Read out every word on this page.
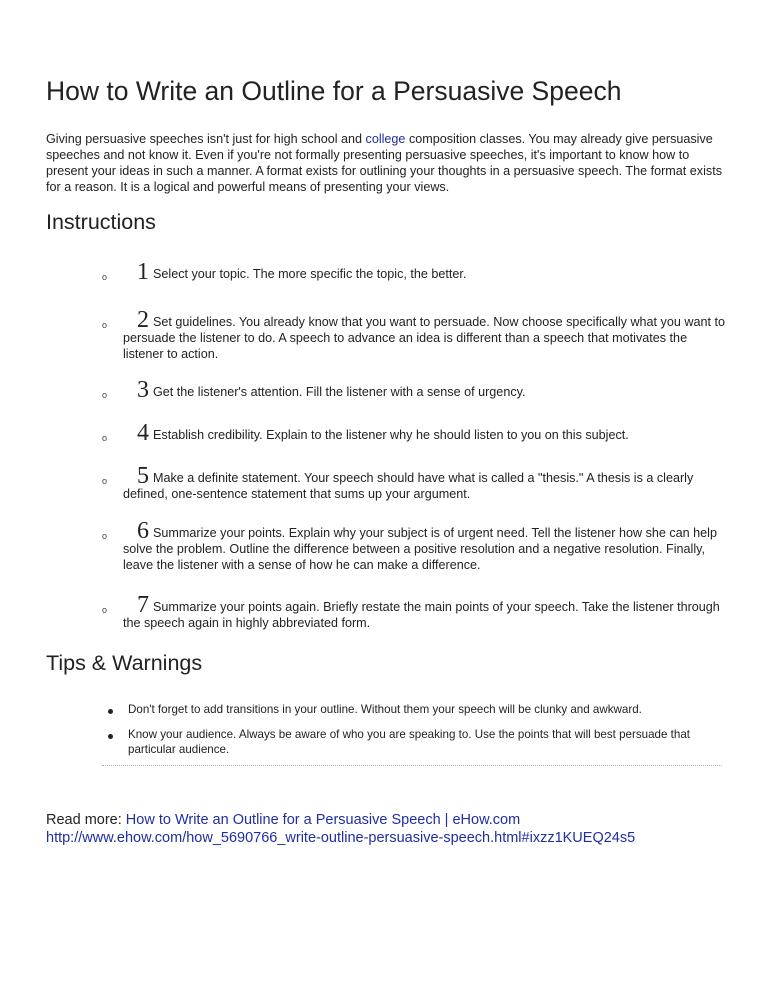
How to Write an Outline for a Persuasive Speech

Giving persuasive speeches isn't just for high school and college composition classes. You may already give persuasive speeches and not know it. Even if you're not formally presenting persuasive speeches, it's important to know how to present your ideas in such a manner. A format exists for outlining your thoughts in a persuasive speech. The format exists for a reason. It is a logical and powerful means of presenting your views.

Instructions
o	1 Select your topic. The more specific the topic, the better.
o	2 Set guidelines. You already know that you want to persuade. Now choose specifically what you want to persuade the listener to do. A speech to advance an idea is different than a speech that motivates the listener to action.
o	3 Get the listener's attention. Fill the listener with a sense of urgency.
o	4 Establish credibility. Explain to the listener why he should listen to you on this subject.
o	5 Make a definite statement. Your speech should have what is called a "thesis." A thesis is a clearly defined, one-sentence statement that sums up your argument.
o	6 Summarize your points. Explain why your subject is of urgent need. Tell the listener how she can help solve the problem. Outline the difference between a positive resolution and a negative resolution. Finally, leave the listener with a sense of how he can make a difference.
o	7 Summarize your points again. Briefly restate the main points of your speech. Take the listener through the speech again in highly abbreviated form.
Tips & Warnings
Don't forget to add transitions in your outline. Without them your speech will be clunky and awkward.
Know your audience. Always be aware of who you are speaking to. Use the points that will best persuade that particular audience.
Read more: How to Write an Outline for a Persuasive Speech | eHow.com
http://www.ehow.com/how_5690766_write-outline-persuasive-speech.html#ixzz1KUEQ24s5
